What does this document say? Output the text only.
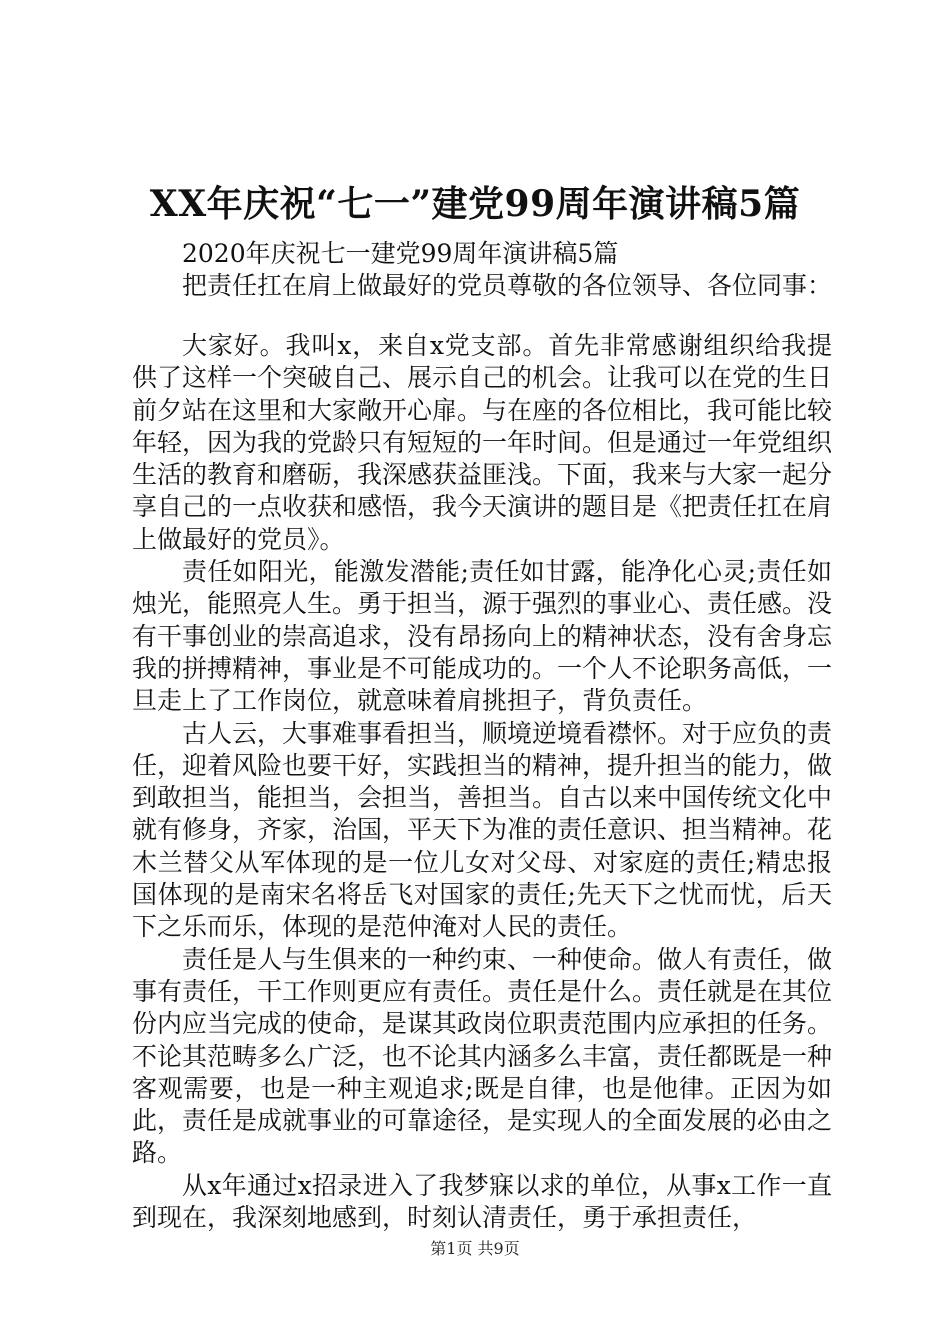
XX年庆祝“七一”建党99周年演讲稿5篇

2020年庆祝七一建党99周年演讲稿5篇

把责任扛在肩上做最好的党员尊敬的各位领导、各位同事：

大家好。我叫x，来自x党支部。首先非常感谢组织给我提供了这样一个突破自己、展示自己的机会。让我可以在党的生日前夕站在这里和大家敞开心扉。与在座的各位相比，我可能比较年轻，因为我的党龄只有短短的一年时间。但是通过一年党组织生活的教育和磨砺，我深感获益匪浅。下面，我来与大家一起分享自己的一点收获和感悟，我今天演讲的题目是《把责任扛在肩上做最好的党员》。

责任如阳光，能激发潜能;责任如甘露，能净化心灵;责任如烛光，能照亮人生。勇于担当，源于强烈的事业心、责任感。没有干事创业的崇高追求，没有昂扬向上的精神状态，没有舍身忘我的拼搏精神，事业是不可能成功的。一个人不论职务高低，一旦走上了工作岗位，就意味着肩挑担子，背负责任。

古人云，大事难事看担当，顺境逆境看襟怀。对于应负的责任，迎着风险也要干好，实践担当的精神，提升担当的能力，做到敢担当，能担当，会担当，善担当。自古以来中国传统文化中就有修身，齐家，治国，平天下为准的责任意识、担当精神。花木兰替父从军体现的是一位儿女对父母、对家庭的责任;精忠报国体现的是南宋名将岳飞对国家的责任;先天下之忧而忧，后天下之乐而乐，体现的是范仲淹对人民的责任。

责任是人与生俱来的一种约束、一种使命。做人有责任，做事有责任，干工作则更应有责任。责任是什么。责任就是在其位份内应当完成的使命，是谋其政岗位职责范围内应承担的任务。不论其范畴多么广泛，也不论其内涵多么丰富，责任都既是一种客观需要，也是一种主观追求;既是自律，也是他律。正因为如此，责任是成就事业的可靠途径，是实现人的全面发展的必由之路。

从x年通过x招录进入了我梦寐以求的单位，从事x工作一直到现在，我深刻地感到，时刻认清责任，勇于承担责任，

第1页 共9页
